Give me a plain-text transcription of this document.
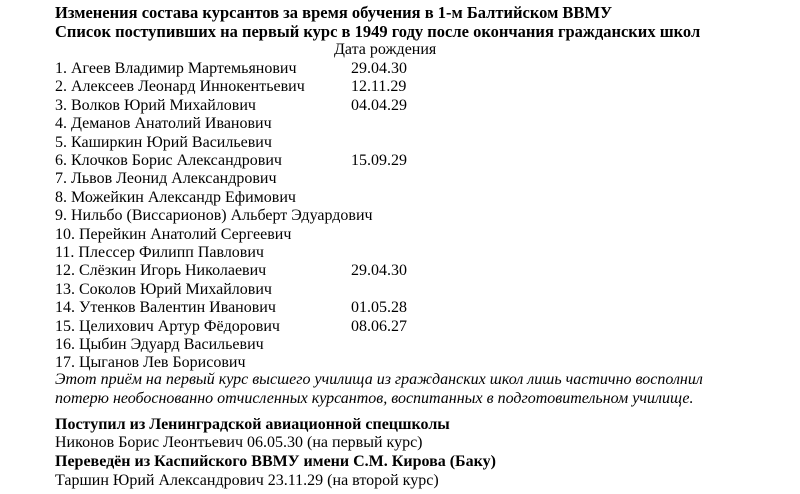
Изменения состава курсантов за время обучения в 1-м Балтийском ВВМУ
Список поступивших на первый курс в 1949 году после окончания гражданских школ
Дата рождения
1. Агеев Владимир Мартемьянович	29.04.30
2. Алексеев Леонард Иннокентьевич	12.11.29
3. Волков Юрий Михайлович	04.04.29
4. Деманов Анатолий Иванович
5. Каширкин Юрий Васильевич
6. Клочков Борис Александрович	15.09.29
7. Львов Леонид Александрович
8. Можейкин Александр Ефимович
9. Нильбо (Виссарионов) Альберт Эдуардович
10. Перейкин Анатолий Сергеевич
11. Плессер Филипп Павлович
12. Слёзкин Игорь Николаевич	29.04.30
13. Соколов Юрий Михайлович
14. Утенков Валентин Иванович	01.05.28
15. Целихович Артур Фёдорович	08.06.27
16. Цыбин Эдуард Васильевич
17. Цыганов Лев Борисович
Этот приём на первый курс высшего училища из гражданских школ лишь частично восполнил
потерю необоснованно отчисленных курсантов, воспитанных в подготовительном училище.
Поступил из Ленинградской авиационной спецшколы
Никонов Борис Леонтьевич 06.05.30 (на первый курс)
Переведён из Каспийского ВВМУ имени С.М. Кирова (Баку)
Таршин Юрий Александрович 23.11.29 (на второй курс)
